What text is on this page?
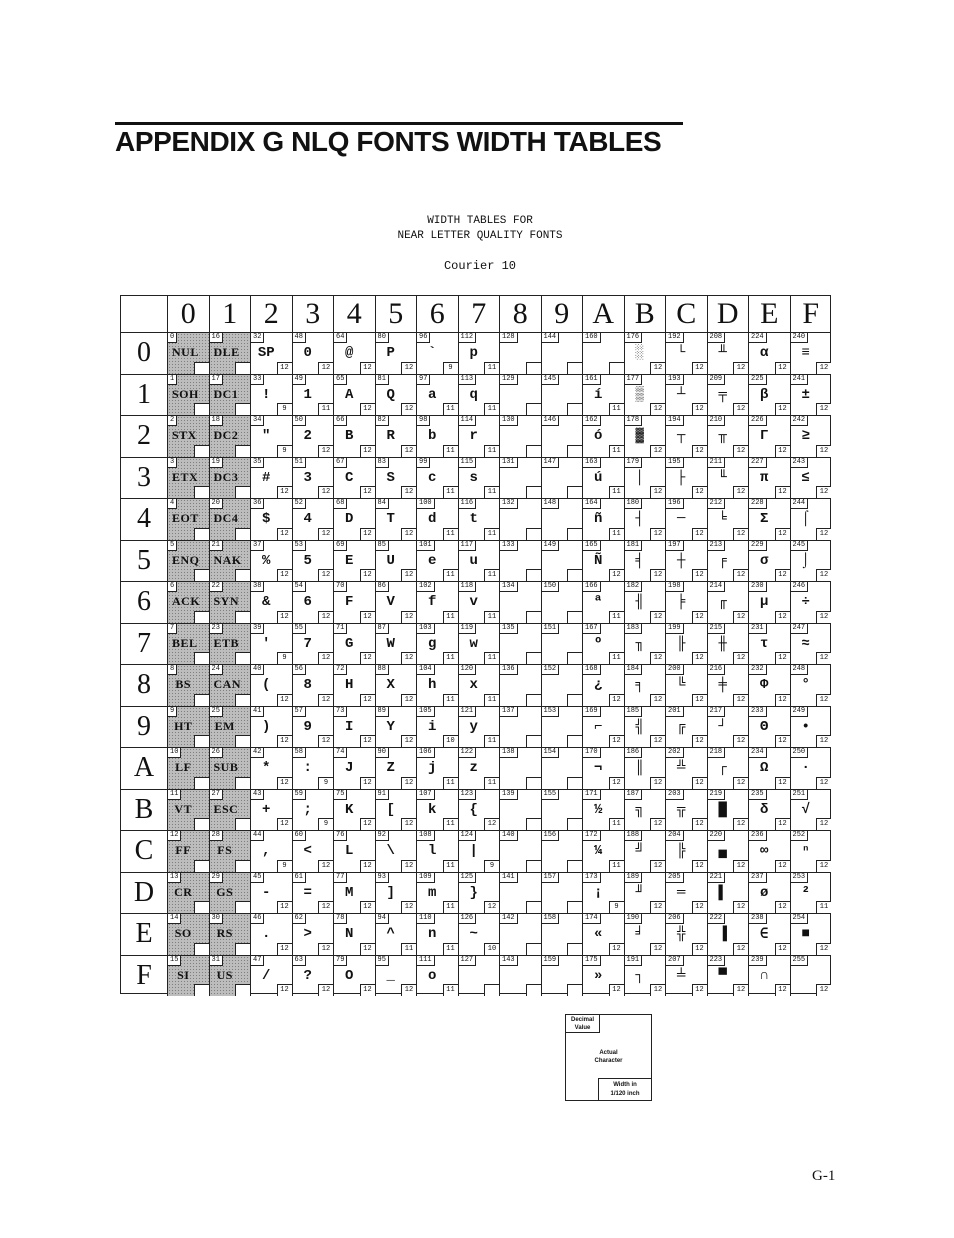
APPENDIX G NLQ FONTS WIDTH TABLES
WIDTH TABLES FOR
NEAR LETTER QUALITY FONTS
Courier 10
0 1 2 3 4 5 6 7 8 9 A B C D E F
0
1
2
3
4
5
6
7
8
9
A
B
C
D
E
F
0
NUL
1
SOH
2
STX
3
ETX
4
EOT
5
ENQ
6
ACK
7
BEL
8
BS
9
HT
10
LF
11
VT
12
FF
13
CR
14
SO
15
SI
16
DLE
17
DC1
18
DC2
19
DC3
20
DC4
21
NAK
22
SYN
23
ETB
24
CAN
25
EM
26
SUB
27
ESC
28
FS
29
GS
30
RS
31
US
32
SP
12
33
!
9
34
"
9
35
#
12
36
$
12
37
%
12
38
&
12
39
'
9
40
(
12
41
)
12
42
*
12
43
+
12
44
,
9
45
-
12
46
.
12
47
/
12
48
0
12
49
1
11
50
2
12
51
3
12
52
4
12
53
5
12
54
6
12
55
7
12
56
8
12
57
9
12
58
:
9
59
;
9
60
<
12
61
=
12
62
>
12
63
?
12
64
@
12
65
A
12
66
B
12
67
C
12
68
D
12
69
E
12
70
F
12
71
G
12
72
H
12
73
I
12
74
J
12
75
K
12
76
L
12
77
M
12
78
N
12
79
O
12
80
P
12
81
Q
12
82
R
12
83
S
12
84
T
12
85
U
12
86
V
12
87
W
12
88
X
12
89
Y
12
90
Z
12
91
[
12
92
\
12
93
]
12
94
^
11
95
_
12
96
`
9
97
a
11
98
b
11
99
c
11
100
d
11
101
e
11
102
f
11
103
g
11
104
h
11
105
i
10
106
j
11
107
k
11
108
l
11
109
m
11
110
n
11
111
o
11
112
p
11
113
q
11
114
r
11
115
s
11
116
t
11
117
u
11
118
v
11
119
w
11
120
x
11
121
y
11
122
z
11
123
{
12
124
|
9
125
}
12
126
~
10
127
128
129
130
131
132
133
134
135
136
137
138
139
140
141
142
143
144
145
146
147
148
149
150
151
152
153
154
155
156
157
158
159
160
161
í
11
162
ó
11
163
ú
11
164
ñ
11
165
Ñ
12
166
ª
11
167
º
11
168
¿
12
169
⌐
12
170
¬
12
171
½
11
172
¼
11
173
¡
9
174
«
12
175
»
12
176
░
12
177
▒
12
178
▓
12
179
│
12
180
┤
12
181
╡
12
182
╢
12
183
╖
12
184
╕
12
185
╣
12
186
║
12
187
╗
12
188
╝
12
189
╜
12
190
╛
12
191
┐
12
192
└
12
193
┴
12
194
┬
12
195
├
12
196
─
12
197
┼
12
198
╞
12
199
╟
12
200
╚
12
201
╔
12
202
╩
12
203
╦
12
204
╠
12
205
═
12
206
╬
12
207
╧
12
208
╨
12
209
╤
12
210
╥
12
211
╙
12
212
╘
12
213
╒
12
214
╓
12
215
╫
12
216
╪
12
217
┘
12
218
┌
12
219
█
12
220
▄
12
221
▌
12
222
▐
12
223
▀
12
224
α
12
225
β
12
226
Γ
12
227
π
12
228
Σ
12
229
σ
12
230
µ
12
231
τ
12
232
Φ
12
233
Θ
12
234
Ω
12
235
δ
12
236
∞
12
237
ø
12
238
∈
12
239
∩
12
240
≡
12
241
±
12
242
≥
12
243
≤
12
244
⌠
12
245
⌡
12
246
÷
12
247
≈
12
248
°
12
249
•
12
250
·
12
251
√
12
252
ⁿ
12
253
²
11
254
■
12
255
12
Decimal
Value
Actual
Character
Width in
1/120 inch
G-1
